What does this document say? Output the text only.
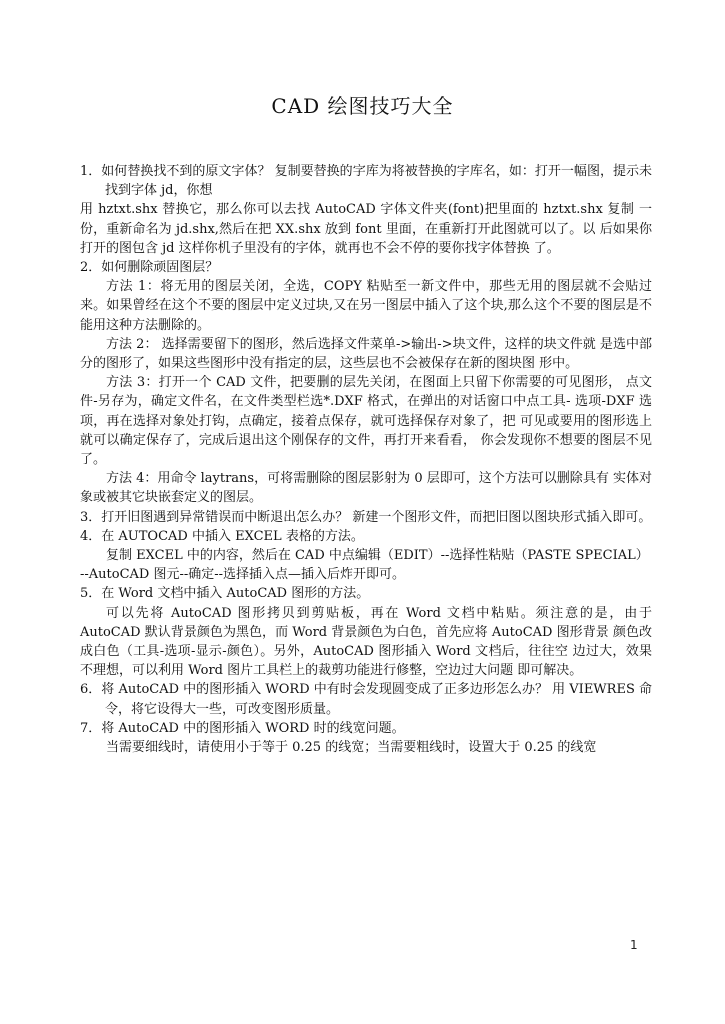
CAD 绘图技巧大全

1．如何替换找不到的原文字体？ 复制要替换的字库为将被替换的字库名，如：打开一幅图，提示未找到字体 jd，你想

用 hztxt.shx 替换它，那么你可以去找 AutoCAD 字体文件夹(font)把里面的 hztxt.shx 复制 一份，重新命名为 jd.shx,然后在把 XX.shx 放到 font 里面，在重新打开此图就可以了。以 后如果你打开的图包含 jd 这样你机子里没有的字体，就再也不会不停的要你找字体替换 了。

2．如何删除顽固图层？

方法 1：将无用的图层关闭，全选，COPY 粘贴至一新文件中，那些无用的图层就不会贴过来。如果曾经在这个不要的图层中定义过块,又在另一图层中插入了这个块,那么这个不要的图层是不能用这种方法删除的。

方法 2： 选择需要留下的图形，然后选择文件菜单->输出->块文件，这样的块文件就 是选中部分的图形了，如果这些图形中没有指定的层，这些层也不会被保存在新的图块图 形中。

方法 3：打开一个 CAD 文件，把要删的层先关闭，在图面上只留下你需要的可见图形， 点文件-另存为，确定文件名，在文件类型栏选*.DXF 格式，在弹出的对话窗口中点工具- 选项-DXF 选项，再在选择对象处打钩，点确定，接着点保存，就可选择保存对象了，把 可见或要用的图形选上就可以确定保存了，完成后退出这个刚保存的文件，再打开来看看， 你会发现你不想要的图层不见了。

方法 4：用命令 laytrans，可将需删除的图层影射为 0 层即可，这个方法可以删除具有 实体对象或被其它块嵌套定义的图层。

3．打开旧图遇到异常错误而中断退出怎么办？ 新建一个图形文件，而把旧图以图块形式插入即可。

4．在 AUTOCAD 中插入 EXCEL 表格的方法。

复制 EXCEL 中的内容，然后在 CAD 中点编辑（EDIT）--选择性粘贴（PASTE SPECIAL）

--AutoCAD 图元--确定--选择插入点—插入后炸开即可。

5．在 Word 文档中插入 AutoCAD 图形的方法。

可以先将 AutoCAD 图形拷贝到剪贴板，再在 Word 文档中粘贴。须注意的是，由于AutoCAD 默认背景颜色为黑色，而 Word 背景颜色为白色，首先应将 AutoCAD 图形背景 颜色改成白色（工具-选项-显示-颜色）。另外，AutoCAD 图形插入 Word 文档后，往往空 边过大，效果不理想，可以利用 Word 图片工具栏上的裁剪功能进行修整，空边过大问题 即可解决。

6．将 AutoCAD 中的图形插入 WORD 中有时会发现圆变成了正多边形怎么办？ 用 VIEWRES 命令，将它设得大一些，可改变图形质量。

7．将 AutoCAD 中的图形插入 WORD 时的线宽问题。

当需要细线时，请使用小于等于 0.25 的线宽；当需要粗线时，设置大于 0.25 的线宽

1
